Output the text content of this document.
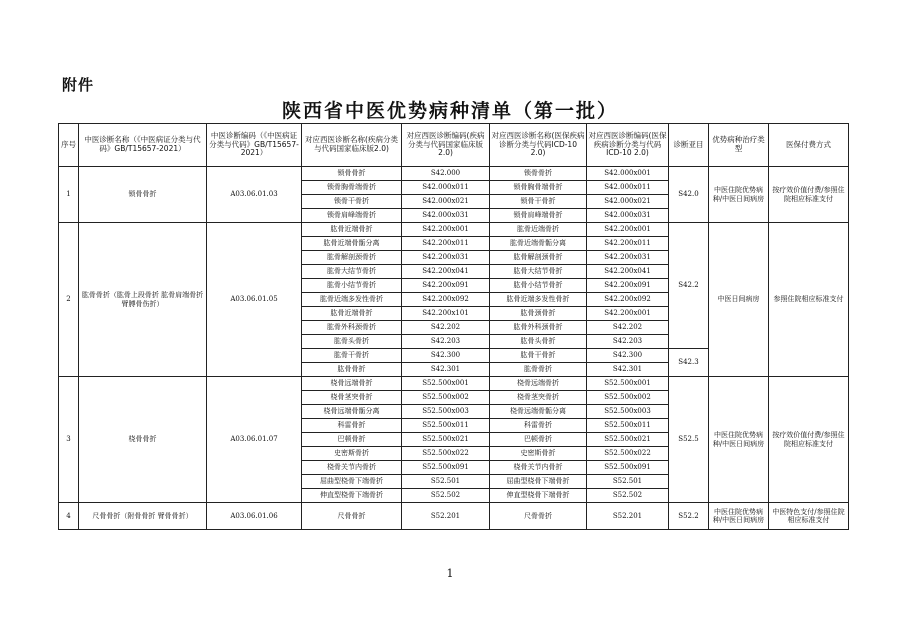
附件
陕西省中医优势病种清单（第一批）
序号	中医诊断名称（《中医病证分类与代码》GB/T15657-2021）	中医诊断编码（《中医病证分类与代码》GB/T15657-2021）	对应西医诊断名称(疾病分类与代码国家临床版2.0)	对应西医诊断编码(疾病分类与代码国家临床版2.0)	对应西医诊断名称(医保疾病诊断分类与代码ICD-10 2.0)	对应西医诊断编码(医保疾病诊断分类与代码ICD-10 2.0)	诊断亚目	优势病种治疗类型	医保付费方式
1	锁骨骨折	A03.06.01.03	锁骨骨折	S42.000	锁骨骨折	S42.000x001	S42.0	中医住院优势病种/中医日间病房	按疗效价值付费/参照住院相应标准支付
			锁骨胸骨端骨折	S42.000x011	锁骨胸骨端骨折	S42.000x011			
			锁骨干骨折	S42.000x021	锁骨干骨折	S42.000x021			
			锁骨肩峰端骨折	S42.000x031	锁骨肩峰端骨折	S42.000x031			
2	肱骨骨折（肱骨上段骨折 肱骨肩端骨折 臂膊骨伤折）	A03.06.01.05	肱骨近端骨折	S42.200x001	肱骨近端骨折	S42.200x001	S42.2	中医日间病房	参照住院相应标准支付
			肱骨近端骨骺分离	S42.200x011	肱骨近端骨骺分离	S42.200x011			
			肱骨解剖颈骨折	S42.200x031	肱骨解剖颈骨折	S42.200x031			
			肱骨大结节骨折	S42.200x041	肱骨大结节骨折	S42.200x041			
			肱骨小结节骨折	S42.200x091	肱骨小结节骨折	S42.200x091			
			肱骨近端多发性骨折	S42.200x092	肱骨近端多发性骨折	S42.200x092			
			肱骨近端骨折	S42.200x101	肱骨颈骨折	S42.200x001			
			肱骨外科颈骨折	S42.202	肱骨外科颈骨折	S42.202			
			肱骨头骨折	S42.203	肱骨头骨折	S42.203			
			肱骨干骨折	S42.300	肱骨干骨折	S42.300	S42.3		
			肱骨骨折	S42.301	肱骨骨折	S42.301			
3	桡骨骨折	A03.06.01.07	桡骨远端骨折	S52.500x001	桡骨远端骨折	S52.500x001	S52.5	中医住院优势病种/中医日间病房	按疗效价值付费/参照住院相应标准支付
			桡骨茎突骨折	S52.500x002	桡骨茎突骨折	S52.500x002			
			桡骨远端骨骺分离	S52.500x003	桡骨远端骨骺分离	S52.500x003			
			科雷骨折	S52.500x011	科雷骨折	S52.500x011			
			巴顿骨折	S52.500x021	巴顿骨折	S52.500x021			
			史密斯骨折	S52.500x022	史密斯骨折	S52.500x022			
			桡骨关节内骨折	S52.500x091	桡骨关节内骨折	S52.500x091			
			屈曲型桡骨下端骨折	S52.501	屈曲型桡骨下端骨折	S52.501			
			伸直型桡骨下端骨折	S52.502	伸直型桡骨下端骨折	S52.502			
4	尺骨骨折（附骨骨折 臂骨骨折）	A03.06.01.06	尺骨骨折	S52.201	尺骨骨折	S52.201	S52.2	中医住院优势病种/中医日间病房	中医特色支付/参照住院相应标准支付
1
